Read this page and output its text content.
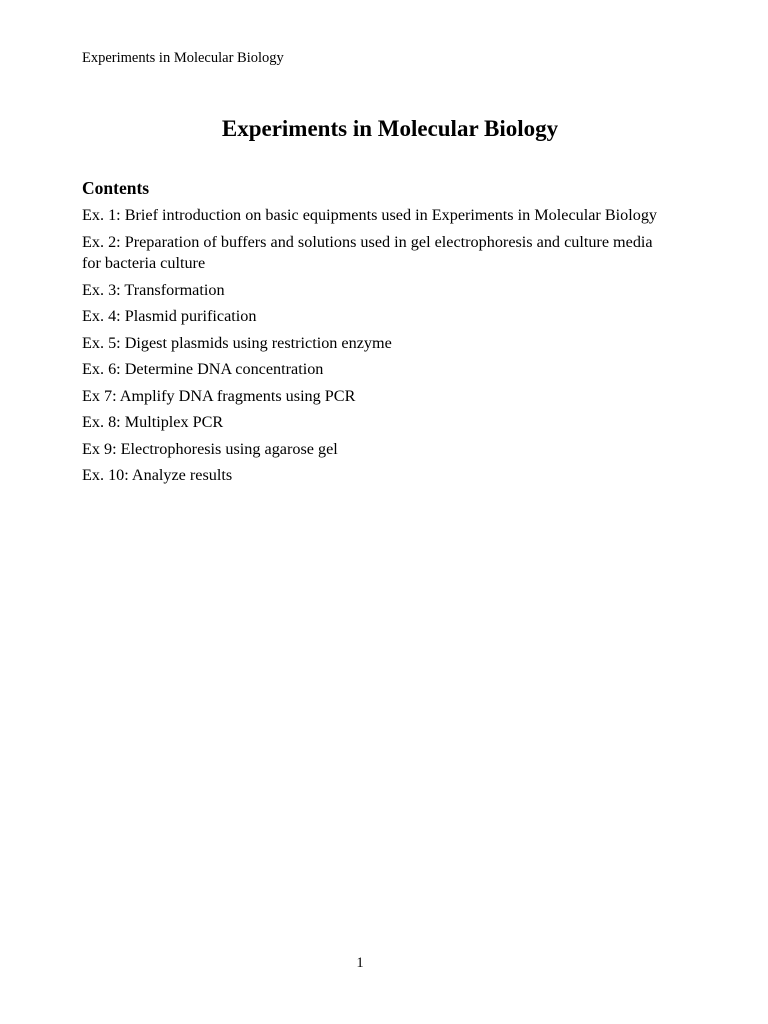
Experiments in Molecular Biology
Experiments in Molecular Biology
Contents
Ex. 1: Brief introduction on basic equipments used in Experiments in Molecular Biology
Ex. 2: Preparation of buffers and solutions used in gel electrophoresis and culture media for bacteria culture
Ex. 3: Transformation
Ex. 4: Plasmid purification
Ex. 5: Digest plasmids using restriction enzyme
Ex. 6: Determine DNA concentration
Ex 7: Amplify DNA fragments using PCR
Ex. 8: Multiplex PCR
Ex 9: Electrophoresis using agarose gel
Ex. 10: Analyze results
1
